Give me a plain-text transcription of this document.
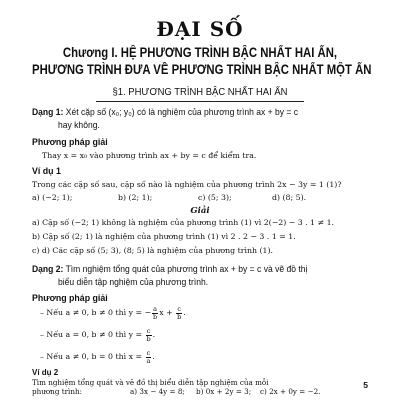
ĐẠI SỐ
Chương I. HỆ PHƯƠNG TRÌNH BẬC NHẤT HAI ẨN,
PHƯƠNG TRÌNH ĐƯA VỀ PHƯƠNG TRÌNH BẬC NHẤT MỘT ẨN
§1. PHƯƠNG TRÌNH BẬC NHẤT HAI ẨN
Dạng 1: Xét cặp số (x₀; y₀) có là nghiệm của phương trình ax + by = c
hay không.
Phương pháp giải
Thay x = x₀ vào phương trình ax + by = c để kiểm tra.
Ví dụ 1
Trong các cặp số sau, cặp số nào là nghiệm của phương trình 2x − 3y = 1 (1)?
a) (−2; 1);	b) (2; 1);	c) (5; 3);	d) (8; 5).
Giải
a) Cặp số (−2; 1) không là nghiệm của phương trình (1) vì 2(−2) − 3 . 1 ≠ 1.
b) Cặp số (2; 1) là nghiệm của phương trình (1) vì 2 . 2 − 3 . 1 = 1.
c) d) Các cặp số (5; 3), (8; 5) là nghiệm của phương trình (1).
Dạng 2: Tìm nghiệm tổng quát của phương trình ax + by = c và vẽ đồ thị
biểu diễn tập nghiệm của phương trình.
Phương pháp giải
– Nếu a ≠ 0, b ≠ 0 thì y = − $\frac{a}{b}$ $x + \frac{c}{b}$ .
– Nếu a = 0, b ≠ 0 thì $y = \frac{c}{b}$ .
– Nếu a ≠ 0, b = 0 thì $x = \frac{c}{a}$ .
Ví dụ 2
Tìm nghiệm tổng quát và vẽ đồ thị biểu diễn tập nghiệm của mỗi
phương trình:	a) 3x − 4y = 8; b) 0x + 2y = 3; c) 2x + 0y = −2.
5
